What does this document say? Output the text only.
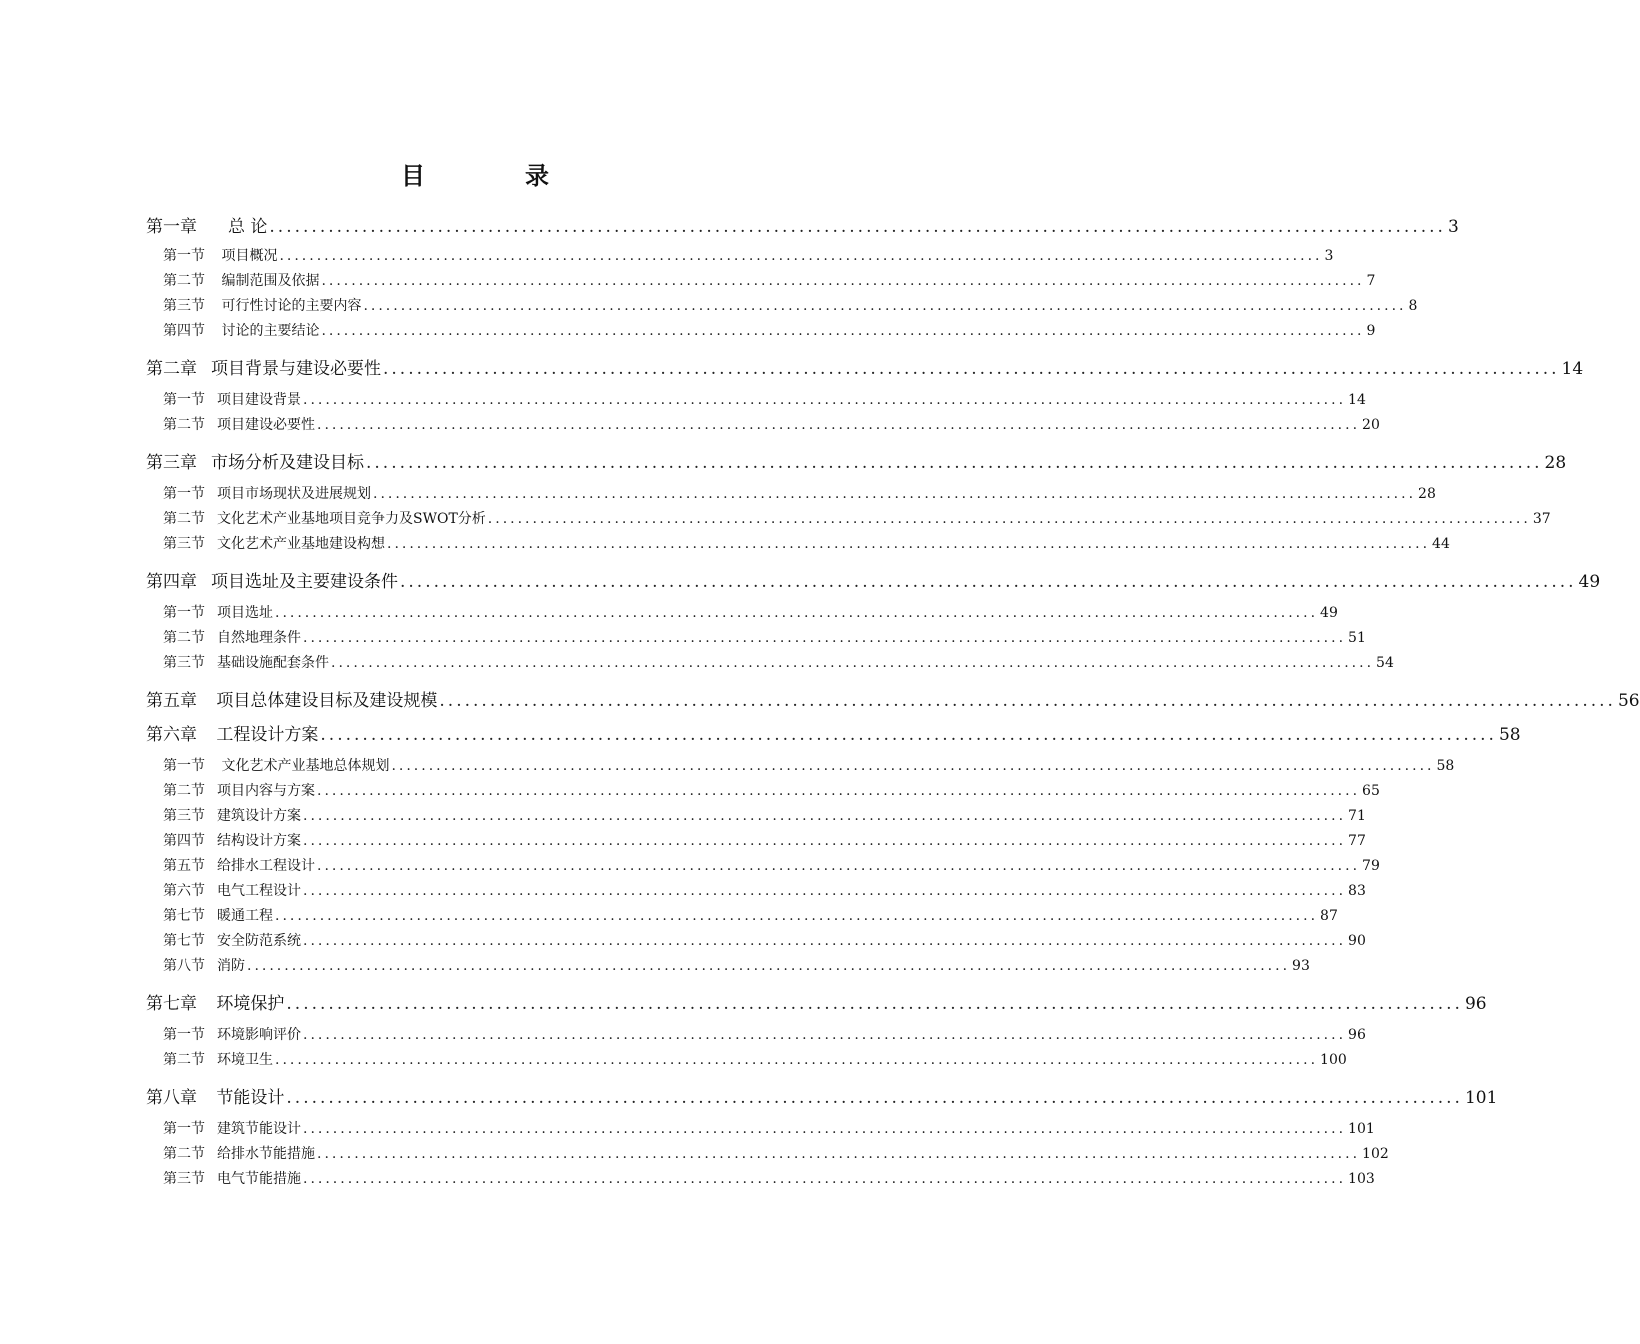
目　录
第一章　总 论 ............................................................................................................................................ 3
第一节 项目概况 ............................................................................................................................................ 3
第二节 编制范围及依据 ............................................................................................................................................ 7
第三节 可行性讨论的主要内容 ............................................................................................................................................ 8
第四节 讨论的主要结论 ............................................................................................................................................ 9
第二章 项目背景与建设必要性 ............................................................................................................................................ 14
第一节 项目建设背景 ............................................................................................................................................ 14
第二节 项目建设必要性 ............................................................................................................................................ 20
第三章 市场分析及建设目标 ............................................................................................................................................ 28
第一节 项目市场现状及进展规划 ............................................................................................................................................ 28
第二节 文化艺术产业基地项目竞争力及SWOT分析 ............................................................................................................................................ 37
第三节 文化艺术产业基地建设构想 ............................................................................................................................................ 44
第四章 项目选址及主要建设条件 ............................................................................................................................................ 49
第一节 项目选址 ............................................................................................................................................ 49
第二节 自然地理条件 ............................................................................................................................................ 51
第三节 基础设施配套条件 ............................................................................................................................................ 54
第五章 项目总体建设目标及建设规模 ............................................................................................................................................ 56
第六章 工程设计方案 ............................................................................................................................................ 58
第一节 文化艺术产业基地总体规划 ............................................................................................................................................ 58
第二节 项目内容与方案 ............................................................................................................................................ 65
第三节 建筑设计方案 ............................................................................................................................................ 71
第四节 结构设计方案 ............................................................................................................................................ 77
第五节 给排水工程设计 ............................................................................................................................................ 79
第六节 电气工程设计 ............................................................................................................................................ 83
第七节 暖通工程 ............................................................................................................................................ 87
第七节 安全防范系统 ............................................................................................................................................ 90
第八节 消防 ............................................................................................................................................ 93
第七章 环境保护 ............................................................................................................................................ 96
第一节 环境影响评价 ............................................................................................................................................ 96
第二节 环境卫生 ............................................................................................................................................ 100
第八章 节能设计 ............................................................................................................................................ 101
第一节 建筑节能设计 ............................................................................................................................................ 101
第二节 给排水节能措施 ............................................................................................................................................ 102
第三节 电气节能措施 ............................................................................................................................................ 103
